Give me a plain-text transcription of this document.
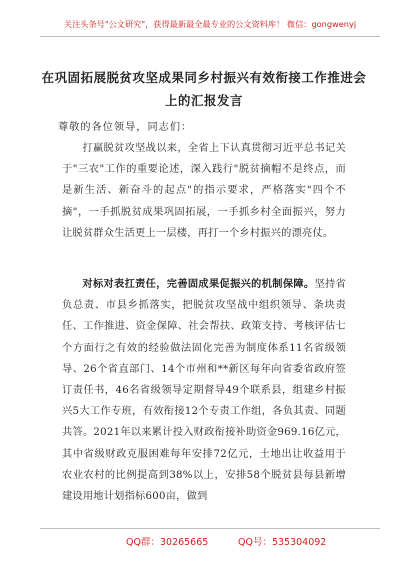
关注头条号"公文研究"，获得最新最全最专业的公文资料库！ 微信：gongwenyj
在巩固拓展脱贫攻坚成果同乡村振兴有效衔接工作推进会
上的汇报发言
尊敬的各位领导，同志们：

打赢脱贫攻坚战以来，全省上下认真贯彻习近平总书记关于"三农"工作的重要论述，深入践行"脱贫摘帽不是终点，而是新生活、新奋斗的起点"的指示要求，严格落实"四个不摘"，一手抓脱贫成果巩固拓展，一手抓乡村全面振兴，努力让脱贫群众生活更上一层楼，再打一个乡村振兴的漂亮仗。

对标对表扛责任，完善固成果促振兴的机制保障。坚持省负总责、市县乡抓落实，把脱贫攻坚战中组织领导、条块责任、工作推进、资金保障、社会帮扶、政策支持、考核评估七个方面行之有效的经验做法固化完善为制度体系11名省级领导、26个省直部门、14个市州和**新区每年向省委省政府签订责任书，46名省级领导定期督导49个联系县，组建乡村振兴5大工作专班，有效衔接12个专责工作组，各负其责、同题共答。2021年以来累计投入财政衔接补助资金969.16亿元，其中省级财政克服困难每年安排72亿元，土地出让收益用于农业农村的比例提高到38%以上，安排58个脱贫县每县新增建设用地计划指标600亩，做到

QQ群：30265665	QQ号：535304092
